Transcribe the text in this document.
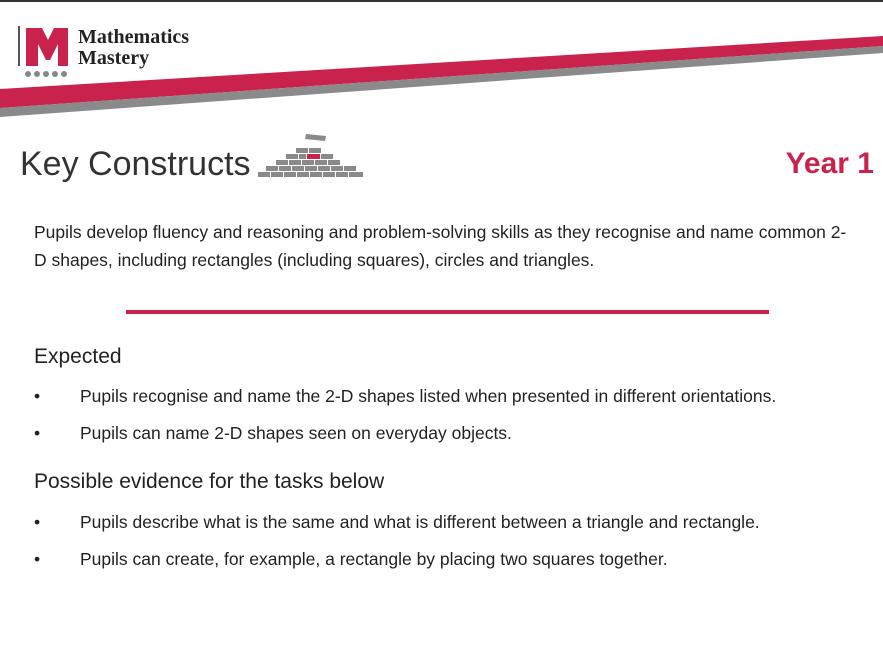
Mathematics
Mastery
Key Constructs	Year 1
Pupils develop fluency and reasoning and problem-solving skills as they recognise and name common 2-D shapes, including rectangles (including squares), circles and triangles.
Expected
• Pupils recognise and name the 2-D shapes listed when presented in different orientations.
• Pupils can name 2-D shapes seen on everyday objects.
Possible evidence for the tasks below
• Pupils describe what is the same and what is different between a triangle and rectangle.
• Pupils can create, for example, a rectangle by placing two squares together.
